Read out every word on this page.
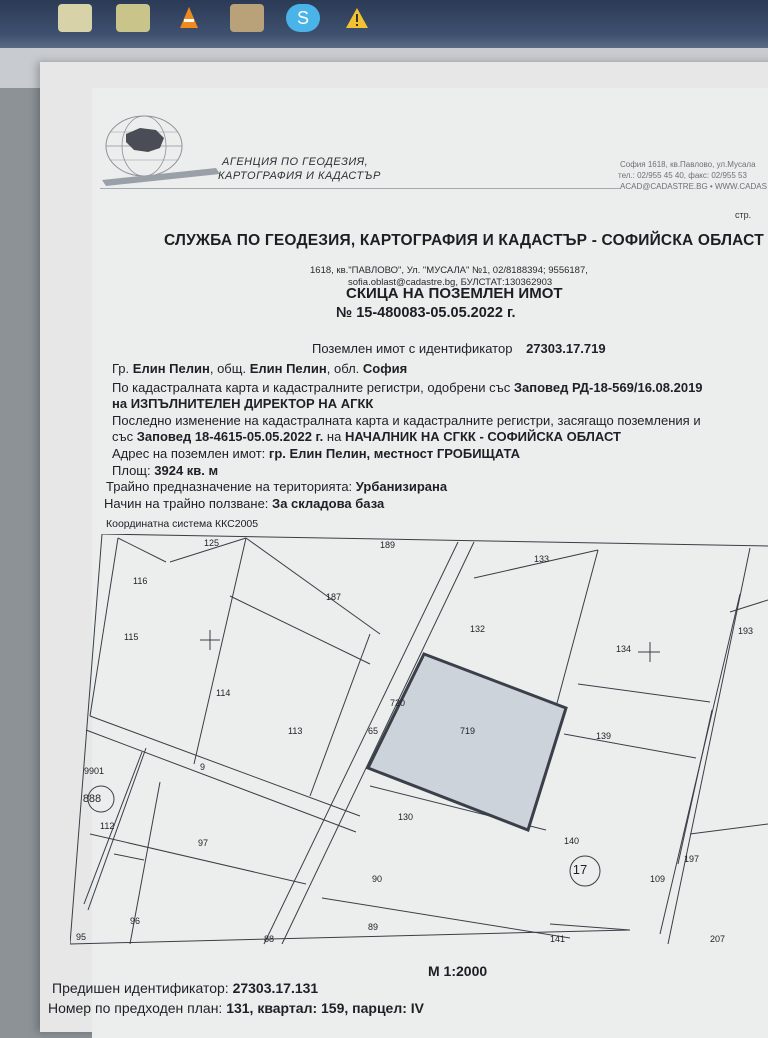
S
АГЕНЦИЯ ПО ГЕОДЕЗИЯ,
КАРТОГРАФИЯ И КАДАСТЪР
София 1618, кв.Павлово, ул.Мусала
тел.: 02/955 45 40, факс: 02/955 53
ACAD@CADASTRE.BG • WWW.CADAS
стр.
СЛУЖБА ПО ГЕОДЕЗИЯ, КАРТОГРАФИЯ И КАДАСТЪР - СОФИЙСКА ОБЛАСТ
1618, кв."ПАВЛОВО", Ул. "МУСАЛА" №1, 02/8188394; 9556187,
sofia.oblast@cadastre.bg, БУЛСТАТ:130362903
СКИЦА НА ПОЗЕМЛЕН ИМОТ
№ 15-480083-05.05.2022 г.
Поземлен имот с идентификатор 27303.17.719
Гр. Елин Пелин, общ. Елин Пелин, обл. София
По кадастралната карта и кадастралните регистри, одобрени със Заповед РД-18-569/16.08.2019
на ИЗПЪЛНИТЕЛЕН ДИРЕКТОР НА АГКК
Последно изменение на кадастралната карта и кадастралните регистри, засягащо поземления и
със Заповед 18-4615-05.05.2022 г. на НАЧАЛНИК НА СГКК - СОФИЙСКА ОБЛАСТ
Адрес на поземлен имот: гр. Елин Пелин, местност ГРОБИЩАТА
Площ: 3924 кв. м
Трайно предназначение на територията: Урбанизирана
Начин на трайно ползване: За складова база
Координатна система ККС2005
125	189
133
116
187
115
132
134
193
114
720
65	719
113	139
9901	9
888
112
130
140
17
197
97
90	109
96
89
141
95	88	207
М 1:2000
Предишен идентификатор: 27303.17.131
Номер по предходен план: 131, квартал: 159, парцел: IV
